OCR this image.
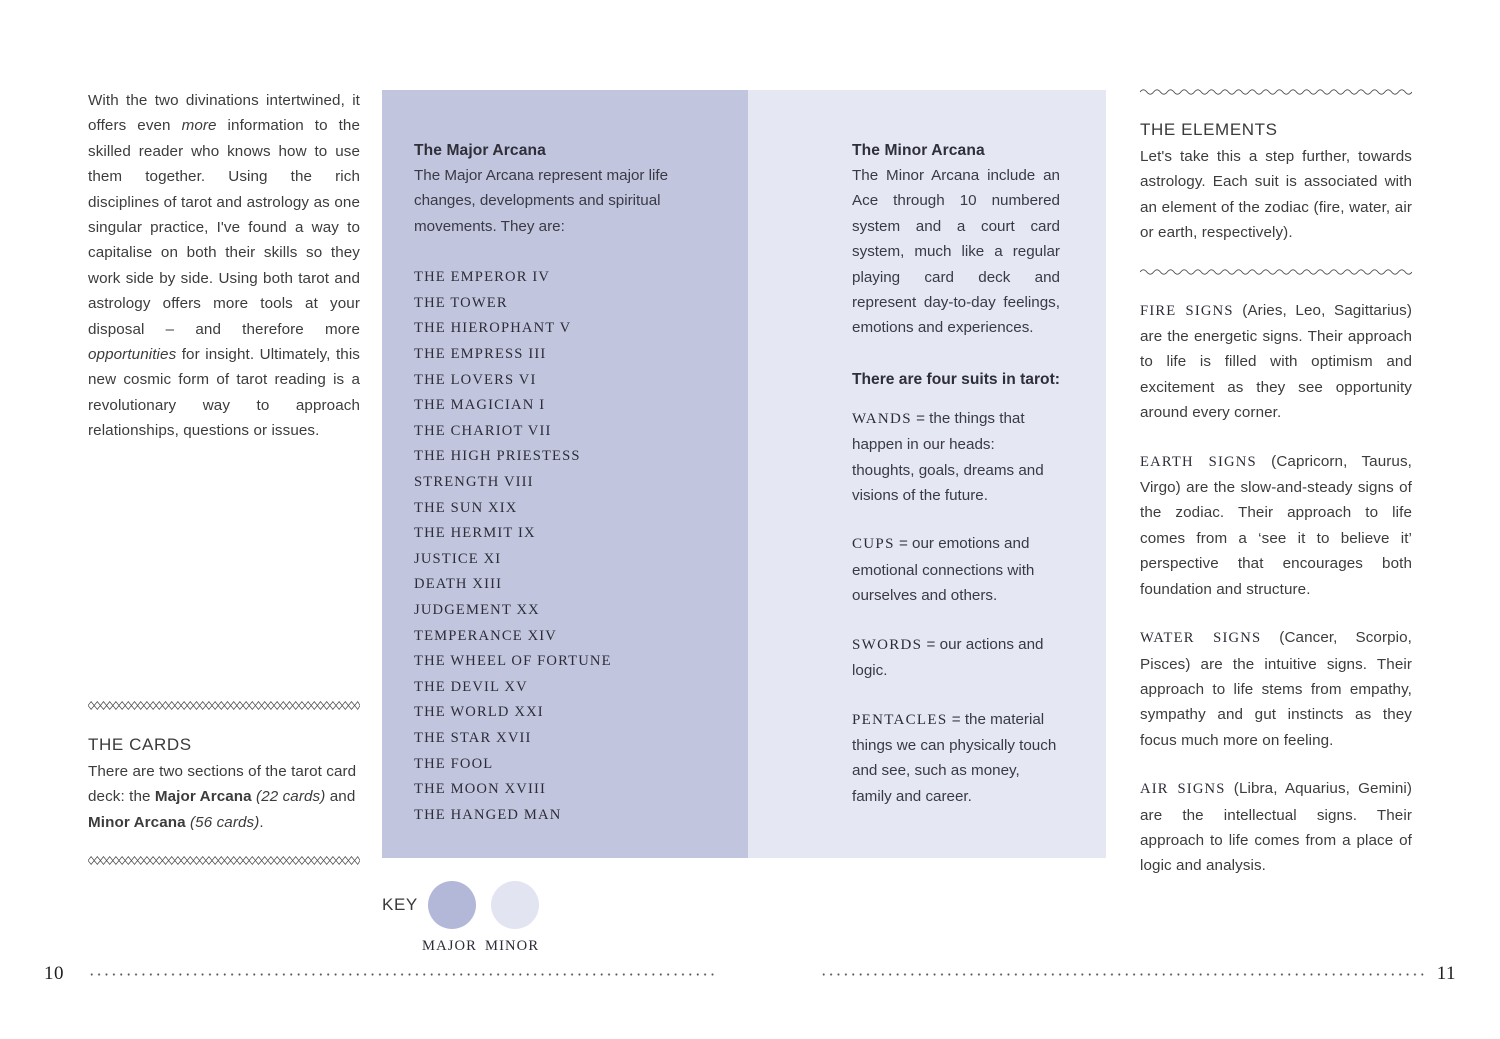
With the two divinations intertwined, it offers even more information to the skilled reader who knows how to use them together. Using the rich disciplines of tarot and astrology as one singular practice, I've found a way to capitalise on both their skills so they work side by side. Using both tarot and astrology offers more tools at your disposal – and therefore more opportunities for insight. Ultimately, this new cosmic form of tarot reading is a revolutionary way to approach relationships, questions or issues.

THE CARDS

There are two sections of the tarot card deck: the Major Arcana (22 cards) and Minor Arcana (56 cards).

The Major Arcana

The Major Arcana represent major life changes, developments and spiritual movements. They are:

THE EMPEROR IV
THE TOWER
THE HIEROPHANT V
THE EMPRESS III
THE LOVERS VI
THE MAGICIAN I
THE CHARIOT VII
THE HIGH PRIESTESS
STRENGTH VIII
THE SUN XIX
THE HERMIT IX
JUSTICE XI
DEATH XIII
JUDGEMENT XX
TEMPERANCE XIV
THE WHEEL OF FORTUNE
THE DEVIL XV
THE WORLD XXI
THE STAR XVII
THE FOOL
THE MOON XVIII
THE HANGED MAN
The Minor Arcana

The Minor Arcana include an Ace through 10 numbered system and a court card system, much like a regular playing card deck and represent day-to-day feelings, emotions and experiences.

There are four suits in tarot:

WANDS = the things that happen in our heads: thoughts, goals, dreams and visions of the future.

CUPS = our emotions and emotional connections with ourselves and others.

SWORDS = our actions and logic.

PENTACLES = the material things we can physically touch and see, such as money, family and career.

THE ELEMENTS

Let's take this a step further, towards astrology. Each suit is associated with an element of the zodiac (fire, water, air or earth, respectively).

FIRE SIGNS (Aries, Leo, Sagittarius) are the energetic signs. Their approach to life is filled with optimism and excitement as they see opportunity around every corner.

EARTH SIGNS (Capricorn, Taurus, Virgo) are the slow-and-steady signs of the zodiac. Their approach to life comes from a ‘see it to believe it’ perspective that encourages both foundation and structure.

WATER SIGNS (Cancer, Scorpio, Pisces) are the intuitive signs. Their approach to life stems from empathy, sympathy and gut instincts as they focus much more on feeling.

AIR SIGNS (Libra, Aquarius, Gemini) are the intellectual signs. Their approach to life comes from a place of logic and analysis.

KEY
MAJOR MINOR
10	11
